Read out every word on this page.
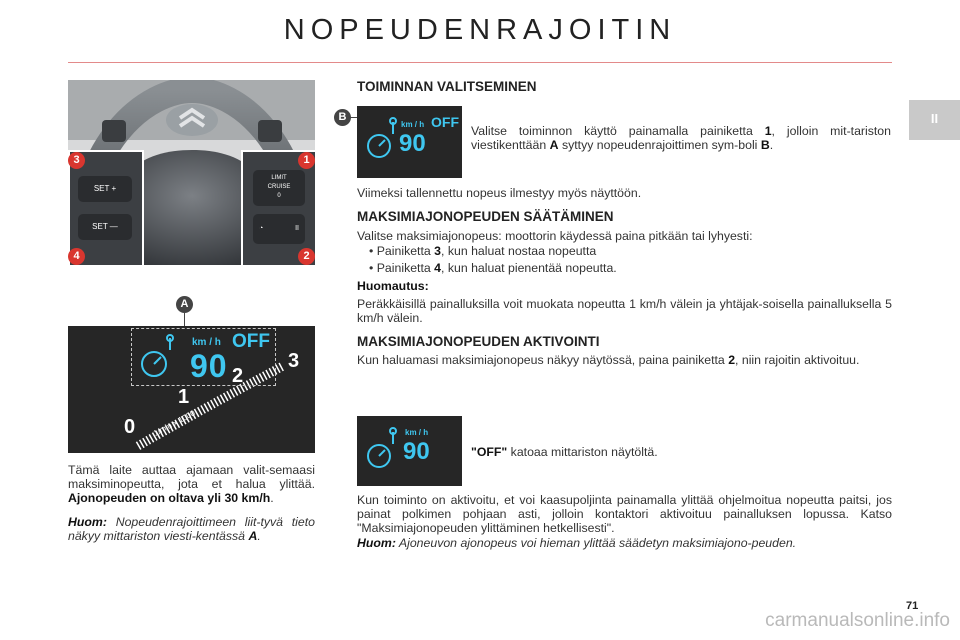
NOPEUDENRAJOITIN
II
SET +
SET —
LIMIT
CRUISE
0
◔	II
3	1
4	2
A
km / h OFF
90
0
1
2
3
1/min x 1000
Tämä laite auttaa ajamaan valit-semaasi maksiminopeutta, jota et halua ylittää. Ajonopeuden on oltava yli 30 km/h.
Huom: Nopeudenrajoittimeen liit-tyvä tieto näkyy mittariston viesti-kentässä A.
TOIMINNAN VALITSEMINEN
B
km / h OFF
90	Valitse toiminnon käyttö painamalla painiketta 1, jolloin mit-tariston viestikenttään A syttyy nopeudenrajoittimen sym-boli B.
Viimeksi tallennettu nopeus ilmestyy myös näyttöön.
MAKSIMIAJONOPEUDEN SÄÄTÄMINEN
Valitse maksimiajonopeus: moottorin käydessä paina pitkään tai lyhyesti:
• Painiketta 3, kun haluat nostaa nopeutta
• Painiketta 4, kun haluat pienentää nopeutta.
Huomautus:
Peräkkäisillä painalluksilla voit muokata nopeutta 1 km/h välein ja yhtäjak-soisella painalluksella 5 km/h välein.
MAKSIMIAJONOPEUDEN AKTIVOINTI
Kun haluamasi maksimiajonopeus näkyy näytössä, paina painiketta 2, niin rajoitin aktivoituu.
km / h
90	"OFF" katoaa mittariston näytöltä.
Kun toiminto on aktivoitu, et voi kaasupoljinta painamalla ylittää ohjelmoitua nopeutta paitsi, jos painat polkimen pohjaan asti, jolloin kontaktori aktivoituu painalluksen lopussa. Katso "Maksimiajonopeuden ylittäminen hetkellisesti".
Huom: Ajoneuvon ajonopeus voi hieman ylittää säädetyn maksimiajono-peuden.
71
carmanualsonline.info
